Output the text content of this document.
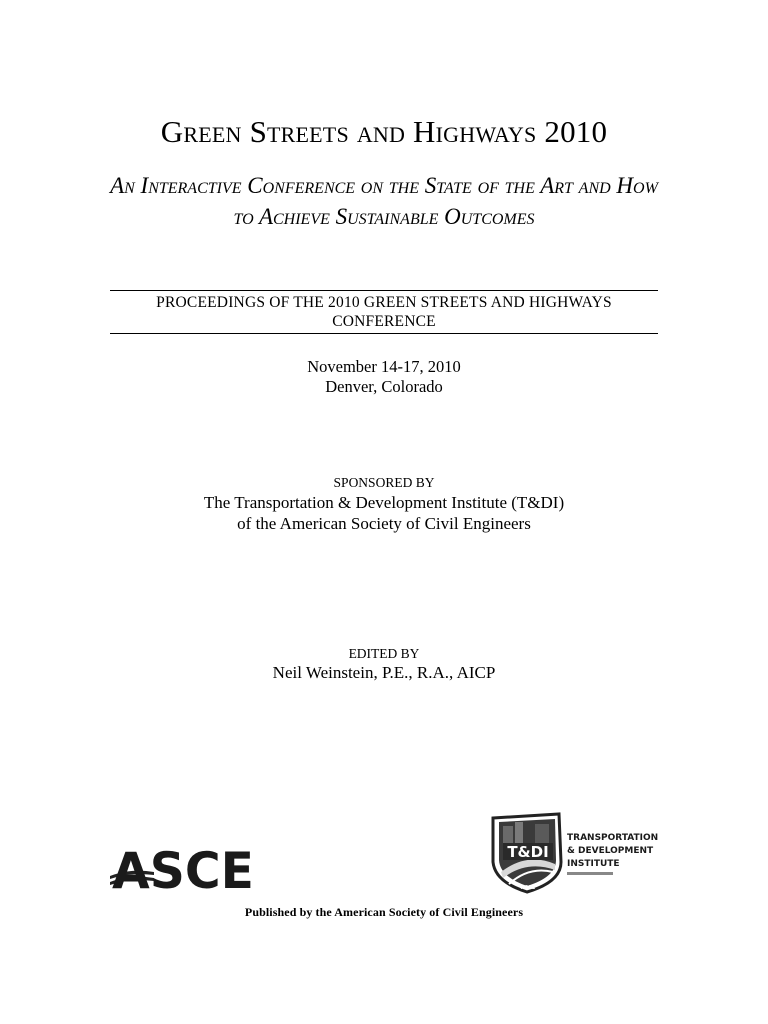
Green Streets and Highways 2010
An Interactive Conference on the State of the Art and How to Achieve Sustainable Outcomes
PROCEEDINGS OF THE 2010 GREEN STREETS AND HIGHWAYS
CONFERENCE
November 14-17, 2010
Denver, Colorado
SPONSORED BY
The Transportation & Development Institute (T&DI)
of the American Society of Civil Engineers
EDITED BY
Neil Weinstein, P.E., R.A., AICP
ASCE	T&DI
ASCE
TRANSPORTATION
& DEVELOPMENT
INSTITUTE
Published by the American Society of Civil Engineers
